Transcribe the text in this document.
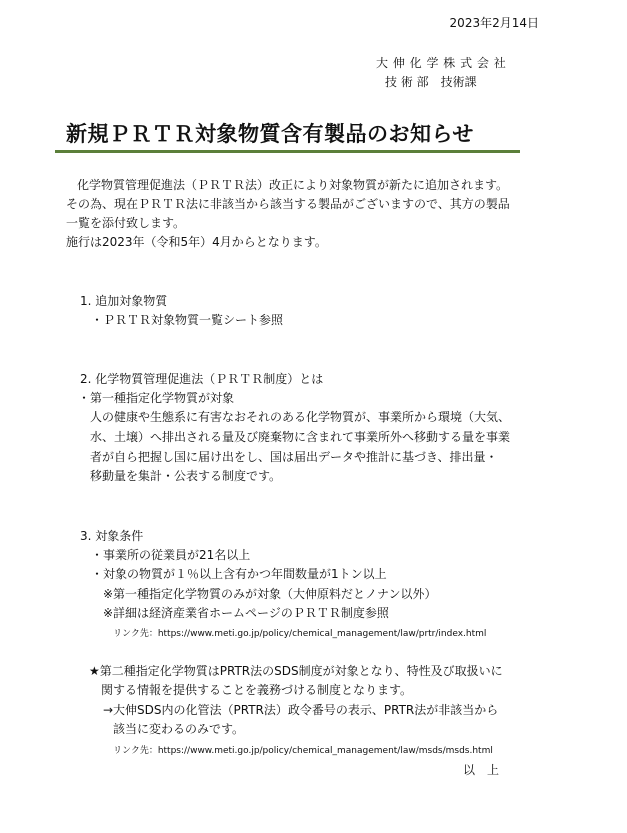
2023年2月14日
大 伸 化 学 株 式 会 社
技 術 部　技術課
新規ＰＲＴＲ対象物質含有製品のお知らせ
化学物質管理促進法（ＰＲＴＲ法）改正により対象物質が新たに追加されます。
その為、現在ＰＲＴＲ法に非該当から該当する製品がございますので、其方の製品
一覧を添付致します。
施行は2023年（令和5年）4月からとなります。
1. 追加対象物質
・ＰＲＴＲ対象物質一覧シート参照
2. 化学物質管理促進法（ＰＲＴＲ制度）とは
・第一種指定化学物質が対象
人の健康や生態系に有害なおそれのある化学物質が、事業所から環境（大気、
水、土壌）へ排出される量及び廃棄物に含まれて事業所外へ移動する量を事業
者が自ら把握し国に届け出をし、国は届出データや推計に基づき、排出量・
移動量を集計・公表する制度です。
3. 対象条件
・事業所の従業員が21名以上
・対象の物質が１％以上含有かつ年間数量が1トン以上
※第一種指定化学物質のみが対象（大伸原料だとノナン以外）
※詳細は経済産業省ホームページのＰＲＴＲ制度参照
リンク先：https://www.meti.go.jp/policy/chemical_management/law/prtr/index.html
★第二種指定化学物質はPRTR法のSDS制度が対象となり、特性及び取扱いに
関する情報を提供することを義務づける制度となります。
→大伸SDS内の化管法（PRTR法）政令番号の表示、PRTR法が非該当から
該当に変わるのみです。
リンク先：https://www.meti.go.jp/policy/chemical_management/law/msds/msds.html
以　上
